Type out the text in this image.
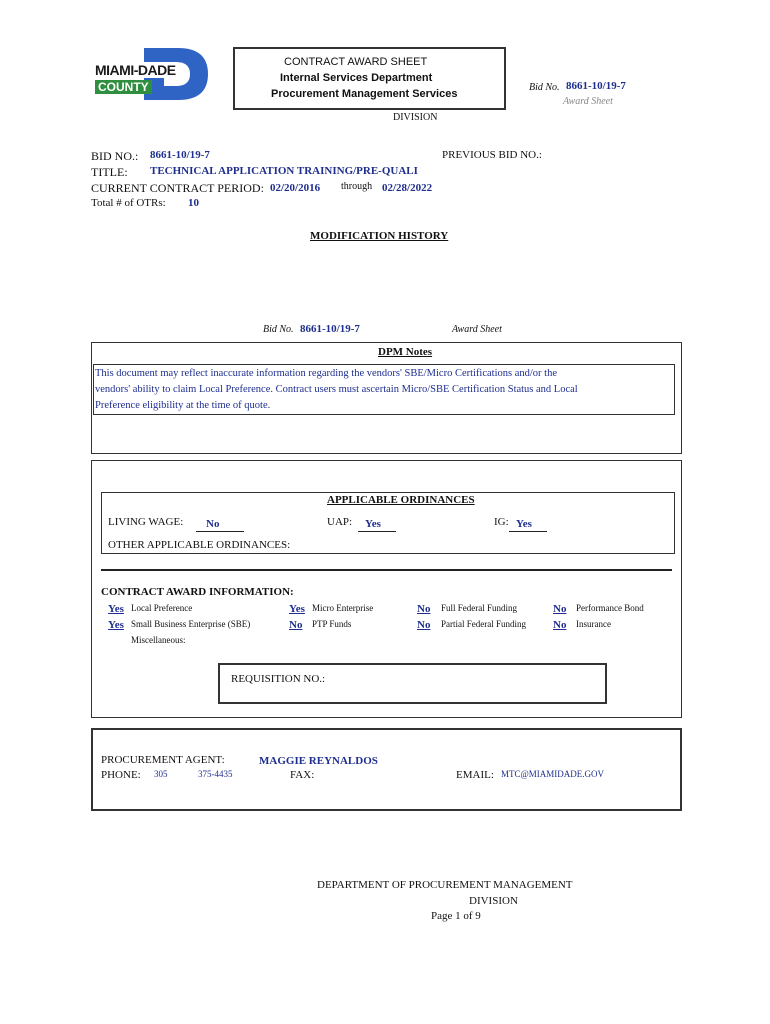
MIAMI-DADE
COUNTY
CONTRACT AWARD SHEET
Internal Services Department
Procurement Management Services
DIVISION
Bid No. 8661-10/19-7
Award Sheet
BID NO.: 8661-10/19-7	PREVIOUS BID NO.:
TITLE: TECHNICAL APPLICATION TRAINING/PRE-QUALI
CURRENT CONTRACT PERIOD: 02/20/2016 through 02/28/2022
Total # of OTRs: 10
MODIFICATION HISTORY
Bid No. 8661-10/19-7	Award Sheet
DPM Notes
This document may reflect inaccurate information regarding the vendors' SBE/Micro Certifications and/or the
vendors' ability to claim Local Preference. Contract users must ascertain Micro/SBE Certification Status and Local
Preference eligibility at the time of quote.
APPLICABLE ORDINANCES
LIVING WAGE: No	UAP: Yes	IG: Yes
OTHER APPLICABLE ORDINANCES:
CONTRACT AWARD INFORMATION:
Yes Local Preference	Yes Micro Enterprise	No Full Federal Funding	No Performance Bond
Yes Small Business Enterprise (SBE)	No PTP Funds	No Partial Federal Funding No Insurance
Miscellaneous:
REQUISITION NO.:
PROCUREMENT AGENT:	MAGGIE REYNALDOS
PHONE: 305	375-4435	FAX:	EMAIL: MTC@MIAMIDADE.GOV
DEPARTMENT OF PROCUREMENT MANAGEMENT
DIVISION
Page 1 of 9
